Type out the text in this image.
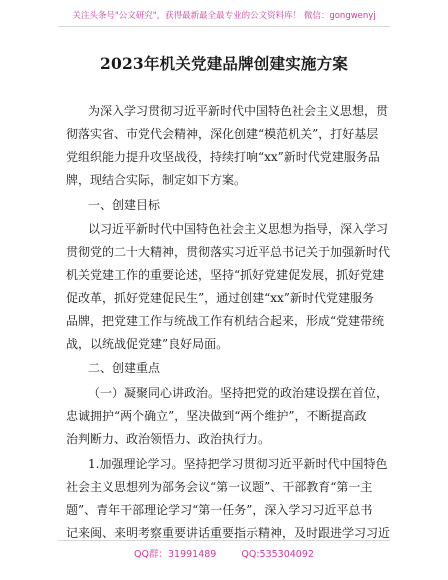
关注头条号"公文研究"，获得最新最全最专业的公文资料库！ 微信：gongwenyj
2023年机关党建品牌创建实施方案
为深入学习贯彻习近平新时代中国特色社会主义思想，贯
彻落实省、市党代会精神，深化创建“模范机关”，打好基层
党组织能力提升攻坚战役，持续打响“xx”新时代党建服务品
牌，现结合实际，制定如下方案。
一、创建目标
以习近平新时代中国特色社会主义思想为指导，深入学习
贯彻党的二十大精神，贯彻落实习近平总书记关于加强新时代
机关党建工作的重要论述，坚持“抓好党建促发展，抓好党建
促改革，抓好党建促民生”，通过创建“xx”新时代党建服务
品牌，把党建工作与统战工作有机结合起来，形成“党建带统
战，以统战促党建”良好局面。
二、创建重点
（一）凝聚同心讲政治。坚持把党的政治建设摆在首位，
忠诚拥护“两个确立”，坚决做到“两个维护”，不断提高政
治判断力、政治领悟力、政治执行力。
1.加强理论学习。坚持把学习贯彻习近平新时代中国特色
社会主义思想列为部务会议“第一议题”、干部教育“第一主
题”、青年干部理论学习“第一任务”，深入学习习近平总书
记来闽、来明考察重要讲话重要指示精神，及时跟进学习习近
QQ群：31991489	QQ:535304092
